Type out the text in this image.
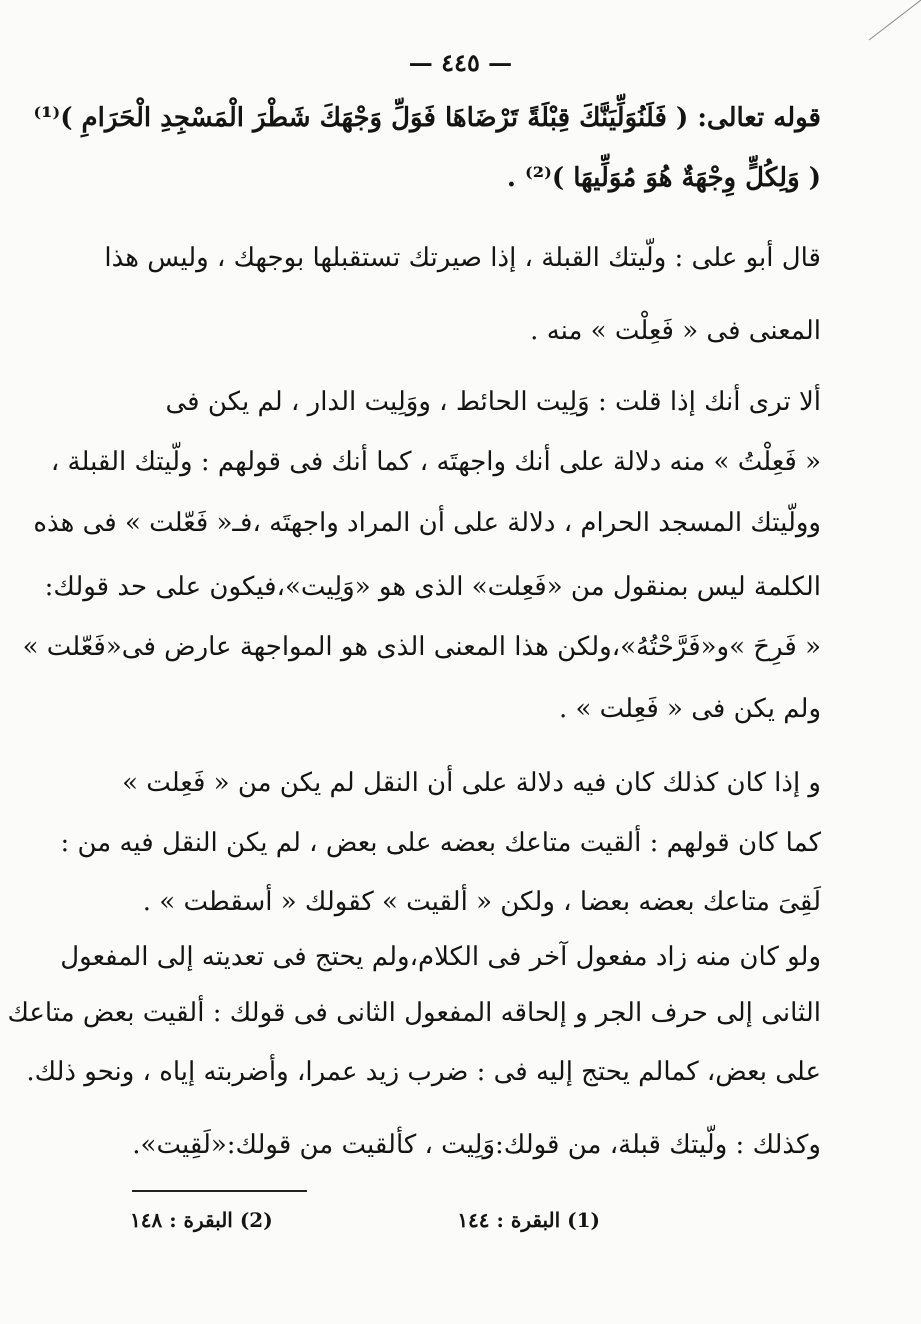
— ٤٤٥ —
قوله تعالى: ( فَلَنُوَلِّيَنَّكَ قِبْلَةً تَرْضَاهَا فَوَلِّ وَجْهَكَ شَطْرَ الْمَسْجِدِ الْحَرَامِ )⁽¹⁾
( وَلِكُلٍّ وِجْهَةٌ هُوَ مُوَلِّيهَا )⁽²⁾ .
قال أبو على : ولّيتك القبلة ، إذا صيرتك تستقبلها بوجهك ، وليس هذا
المعنى فى « فَعِلْت » منه .
ألا ترى أنك إذا قلت : وَلِيت الحائط ، ووَلِيت الدار ، لم يكن فى
« فَعِلْتُ » منه دلالة على أنك واجهتَه ، كما أنك فى قولهم : ولّيتك القبلة ،
وولّيتك المسجد الحرام ، دلالة على أن المراد واجهتَه ،فـ« فَعّلت » فى هذه
الكلمة ليس بمنقول من «فَعِلت» الذى هو «وَلِيت»،فيكون على حد قولك:
« فَرِحَ »و«فَرَّحْتُهُ»،ولكن هذا المعنى الذى هو المواجهة عارض فى«فَعّلت »
ولم يكن فى « فَعِلت » .
و إذا كان كذلك كان فيه دلالة على أن النقل لم يكن من « فَعِلت »
كما كان قولهم : ألقيت متاعك بعضه على بعض ، لم يكن النقل فيه من :
لَقِىَ متاعك بعضه بعضا ، ولكن « ألقيت » كقولك « أسقطت » .
ولو كان منه زاد مفعول آخر فى الكلام،ولم يحتج فى تعديته إلى المفعول
الثانى إلى حرف الجر و إلحاقه المفعول الثانى فى قولك : ألقيت بعض متاعك
على بعض، كمالم يحتج إليه فى : ضرب زيد عمرا، وأضربته إياه ، ونحو ذلك.
وكذلك : ولّيتك قبلة، من قولك:وَلِيت ، كألقيت من قولك:«لَقِيت».
(1) البقرة : ١٤٤
(2) البقرة : ١٤٨
